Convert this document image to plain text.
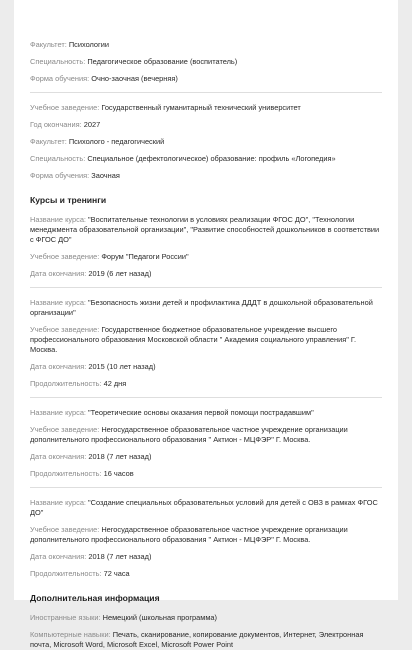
Факультет: Психологии
Специальность: Педагогическое образование (воспитатель)
Форма обучения: Очно-заочная (вечерняя)
Учебное заведение: Государственный гуманитарный технический университет
Год окончания: 2027
Факультет: Психолого - педагогический
Специальность: Специальное (дефектологическое) образование: профиль «Логопедия»
Форма обучения: Заочная
Курсы и тренинги
Название курса: "Воспитательные технологии в условиях реализации ФГОС ДО", "Технологии менеджмента образовательной организации", "Развитие способностей дошкольников в соответствии с ФГОС ДО"
Учебное заведение: Форум "Педагоги России"
Дата окончания: 2019 (6 лет назад)
Название курса: "Безопасность жизни детей и профилактика ДДДТ в дошкольной образовательной организации"
Учебное заведение: Государственное бюджетное образовательное учреждение высшего профессионального образования Московской области " Академия социального управления" Г. Москва.
Дата окончания: 2015 (10 лет назад)
Продолжительность: 42 дня
Название курса: "Теоретические основы оказания первой помощи пострадавшим"
Учебное заведение: Негосударственное образовательное частное учреждение организации дополнительного профессионального образования " Актион - МЦФЭР" Г. Москва.
Дата окончания: 2018 (7 лет назад)
Продолжительность: 16 часов
Название курса: "Создание специальных образовательных условий для детей с ОВЗ в рамках ФГОС ДО"
Учебное заведение: Негосударственное образовательное частное учреждение организации дополнительного профессионального образования " Актион - МЦФЭР" Г. Москва.
Дата окончания: 2018 (7 лет назад)
Продолжительность: 72 часа
Дополнительная информация
Иностранные языки: Немецкий (школьная программа)
Компьютерные навыки: Печать, сканирование, копирование документов, Интернет, Электронная почта, Microsoft Word, Microsoft Excel, Microsoft Power Point
